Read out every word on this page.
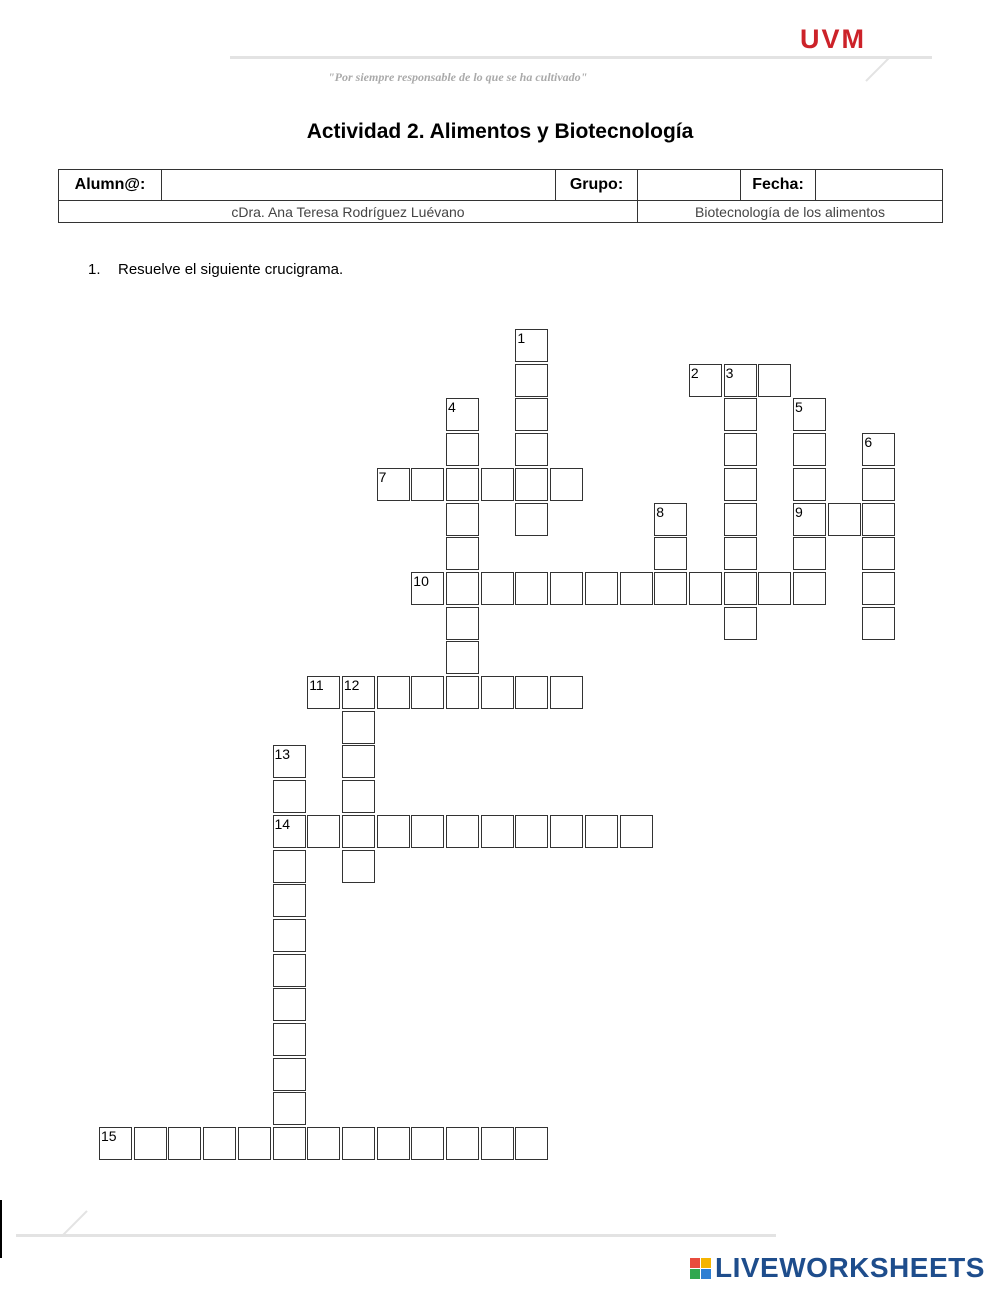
UVM
"Por siempre responsable de lo que se ha cultivado"
Actividad 2. Alimentos y Biotecnología
Alumn@:		Grupo:		Fecha:	
cDra. Ana Teresa Rodríguez Luévano			Biotecnología de los alimentos		
1. Resuelve el siguiente crucigrama.
1
2 3
4	5
9
6
7
8
10
11 12
13
14
15
LIVEWORKSHEETS
